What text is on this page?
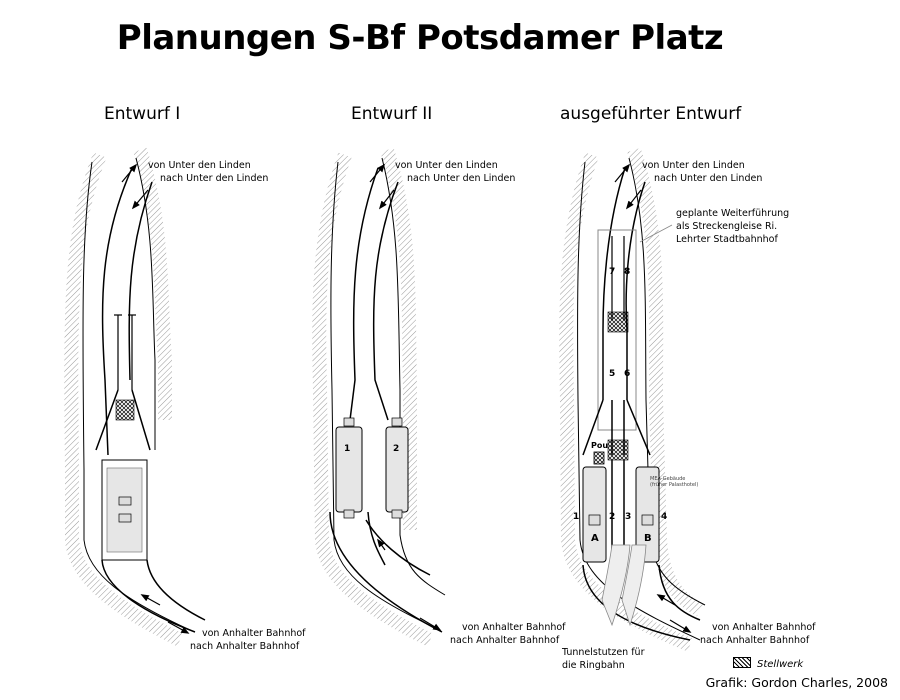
Planungen S-Bf Potsdamer Platz
Entwurf I	Entwurf II	ausgeführter Entwurf
von Unter den Linden
nach Unter den Linden
von Anhalter Bahnhof
nach Anhalter Bahnhof
von Unter den Linden
nach Unter den Linden
von Anhalter Bahnhof
nach Anhalter Bahnhof
1	2
von Unter den Linden
nach Unter den Linden
geplante Weiterführung
als Streckengleise Ri.
Lehrter Stadtbahnhof
7 8
5 6
Pou
MEA-Gebäude
(früher Palasthotel)
1	2 3	4
A	B
Tunnelstutzen für
die Ringbahn
von Anhalter Bahnhof
nach Anhalter Bahnhof
Stellwerk
Grafik: Gordon Charles, 2008
